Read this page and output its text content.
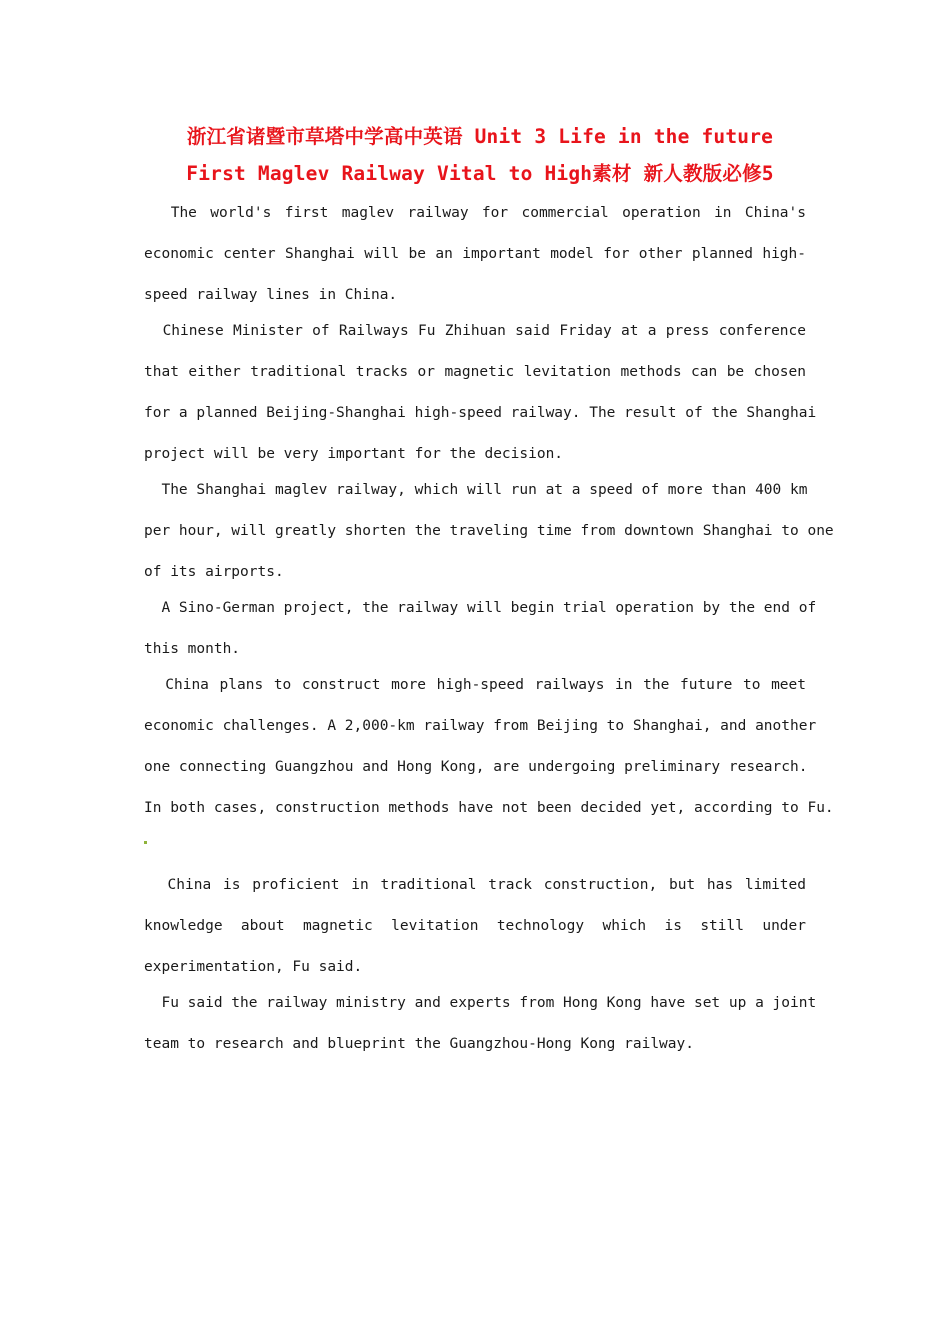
浙江省诸暨市草塔中学高中英语 Unit 3 Life in the future
First Maglev Railway Vital to High素材 新人教版必修5

The world's first maglev railway for commercial operation in China's
economic center Shanghai will be an important model for other planned high-
speed railway lines in China.

Chinese Minister of Railways Fu Zhihuan said Friday at a press conference
that either traditional tracks or magnetic levitation methods can be chosen
for a planned Beijing-Shanghai high-speed railway. The result of the Shanghai
project will be very important for the decision.

The Shanghai maglev railway, which will run at a speed of more than 400 km
per hour, will greatly shorten the traveling time from downtown Shanghai to one
of its airports.

A Sino-German project, the railway will begin trial operation by the end of
this month.

China plans to construct more high-speed railways in the future to meet
economic challenges. A 2,000-km railway from Beijing to Shanghai, and another
one connecting Guangzhou and Hong Kong, are undergoing preliminary research.
In both cases, construction methods have not been decided yet, according to Fu.

China is proficient in traditional track construction, but has limited
knowledge about magnetic levitation technology which is still under
experimentation, Fu said.

Fu said the railway ministry and experts from Hong Kong have set up a joint
team to research and blueprint the Guangzhou-Hong Kong railway.
